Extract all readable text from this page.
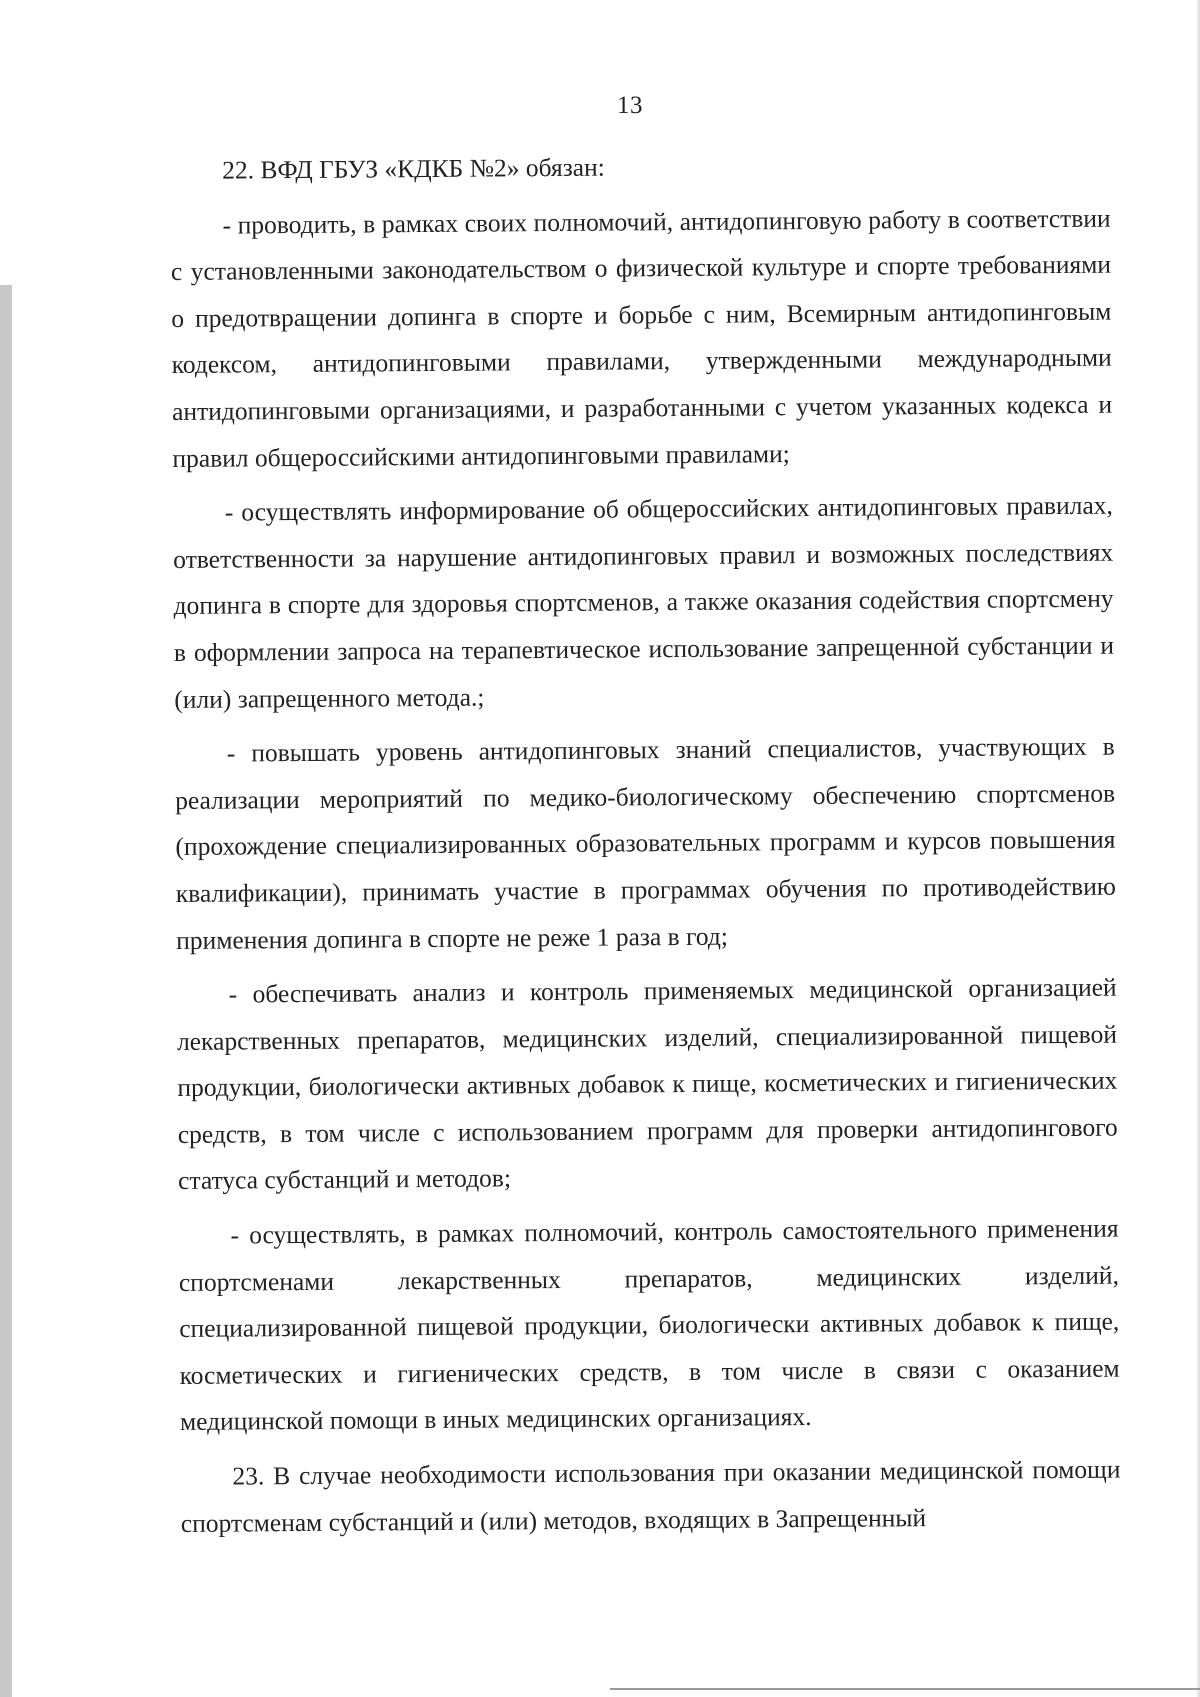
13

22. ВФД ГБУЗ «КДКБ №2» обязан:

- проводить, в рамках своих полномочий, антидопинговую работу в соответствии с установленными законодательством о физической культуре и спорте требованиями о предотвращении допинга в спорте и борьбе с ним, Всемирным антидопинговым кодексом, антидопинговыми правилами, утвержденными международными антидопинговыми организациями, и разработанными с учетом указанных кодекса и правил общероссийскими антидопинговыми правилами;

- осуществлять информирование об общероссийских антидопинговых правилах, ответственности за нарушение антидопинговых правил и возможных последствиях допинга в спорте для здоровья спортсменов, а также оказания содействия спортсмену в оформлении запроса на терапевтическое использование запрещенной субстанции и (или) запрещенного метода.;

- повышать уровень антидопинговых знаний специалистов, участвующих в реализации мероприятий по медико-биологическому обеспечению спортсменов (прохождение специализированных образовательных программ и курсов повышения квалификации), принимать участие в программах обучения по противодействию применения допинга в спорте не реже 1 раза в год;

- обеспечивать анализ и контроль применяемых медицинской организацией лекарственных препаратов, медицинских изделий, специализированной пищевой продукции, биологически активных добавок к пище, косметических и гигиенических средств, в том числе с использованием программ для проверки антидопингового статуса субстанций и методов;

- осуществлять, в рамках полномочий, контроль самостоятельного применения спортсменами лекарственных препаратов, медицинских изделий, специализированной пищевой продукции, биологически активных добавок к пище, косметических и гигиенических средств, в том числе в связи с оказанием медицинской помощи в иных медицинских организациях.

23. В случае необходимости использования при оказании медицинской помощи спортсменам субстанций и (или) методов, входящих в Запрещенный
